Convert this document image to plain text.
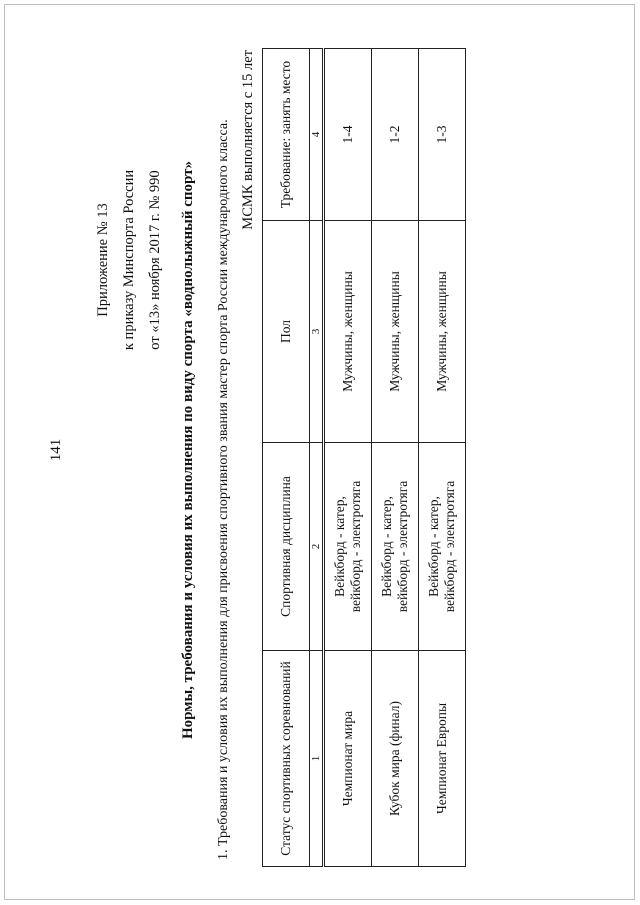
141
Приложение № 13 к приказу Минспорта России от «13» ноября 2017 г. № 990	Нормы, требования и условия их выполнения по виду спорта «воднолыжный спорт» 1. Требования и условия их выполнения для присвоения спортивного звания мастер спорта России международного класса. МСМК выполняется с 15 лет
Статус спортивных соревнований	Спортивная дисциплина	Пол	Требование: занять место
1	2	3	4
Чемпионат мира	Вейкборд - катер, вейкборд - электротяга	Мужчины, женщины	1-4
Кубок мира (финал)	Вейкборд - катер, вейкборд - электротяга	Мужчины, женщины	1-2
Чемпионат Европы	Вейкборд - катер, вейкборд - электротяга	Мужчины, женщины	1-3
